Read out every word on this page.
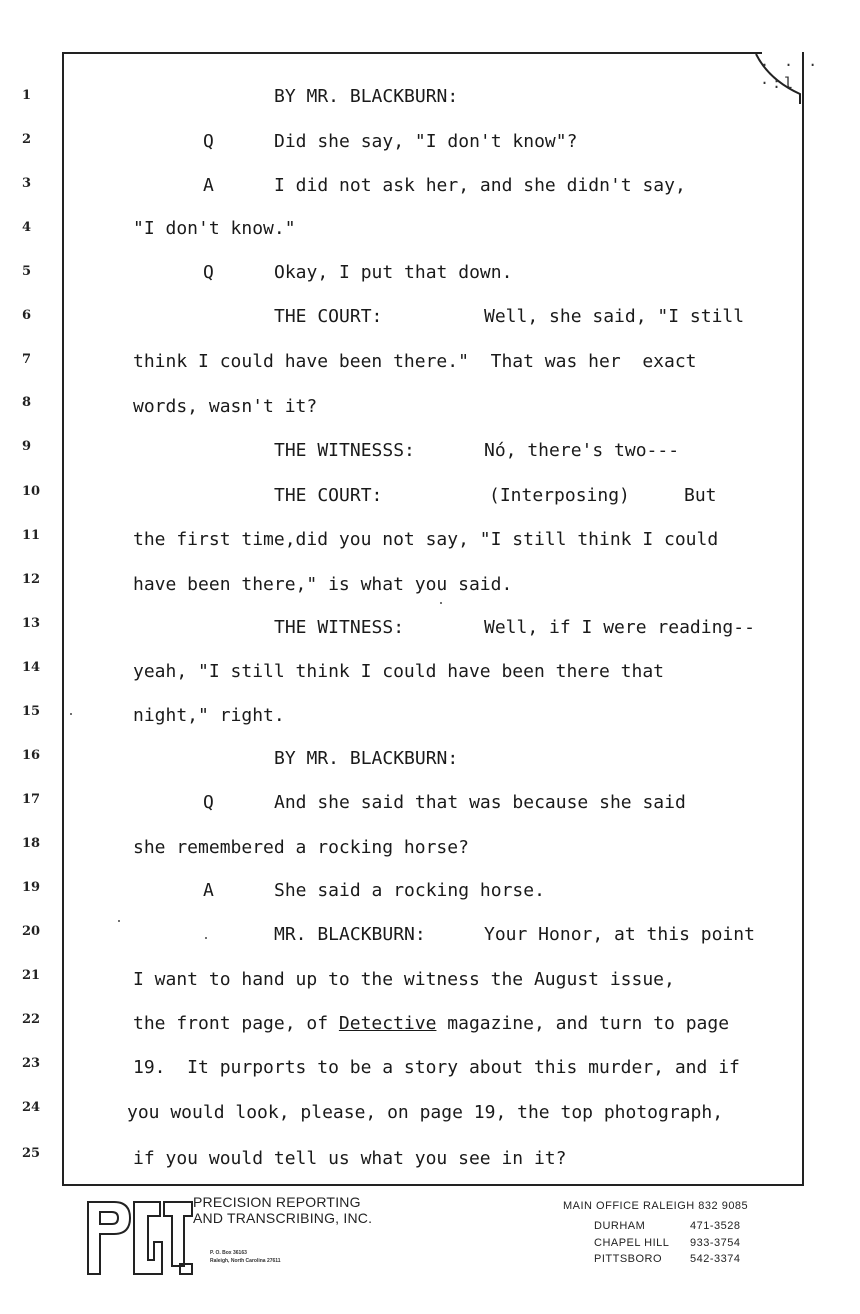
· · · ·:l
1
2
3
4
5
6
7
8
9
10
11
12
13
14
15
16
17
18
19
20
21
22
23
24
25
BY MR. BLACKBURN:
Q	Did she say, "I don't know"?
A	I did not ask her, and she didn't say,
"I don't know."
Q	Okay, I put that down.
THE COURT:	Well, she said, "I still
think I could have been there."  That was her  exact
words, wasn't it?
THE WITNESSS:	Nó, there's two---
THE COURT:	(Interposing)	But
the first time,did you not say, "I still think I could
have been there," is what you said.
THE WITNESS:	Well, if I were reading--
yeah, "I still think I could have been there that
night," right.
BY MR. BLACKBURN:
Q	And she said that was because she said
she remembered a rocking horse?
A	She said a rocking horse.
MR. BLACKBURN:	Your Honor, at this point
I want to hand up to the witness the August issue,
the front page, of Detective magazine, and turn to page
19.  It purports to be a story about this murder, and if
you would look, please, on page 19, the top photograph,
if you would tell us what you see in it?
PRECISION REPORTING
AND TRANSCRIBING, INC.
P. O. Box 36163
Raleigh, North Carolina 27611
MAIN OFFICE RALEIGH 832 9085
DURHAM	471-3528
CHAPEL HILL 933-3754
PITTSBORO	542-3374
